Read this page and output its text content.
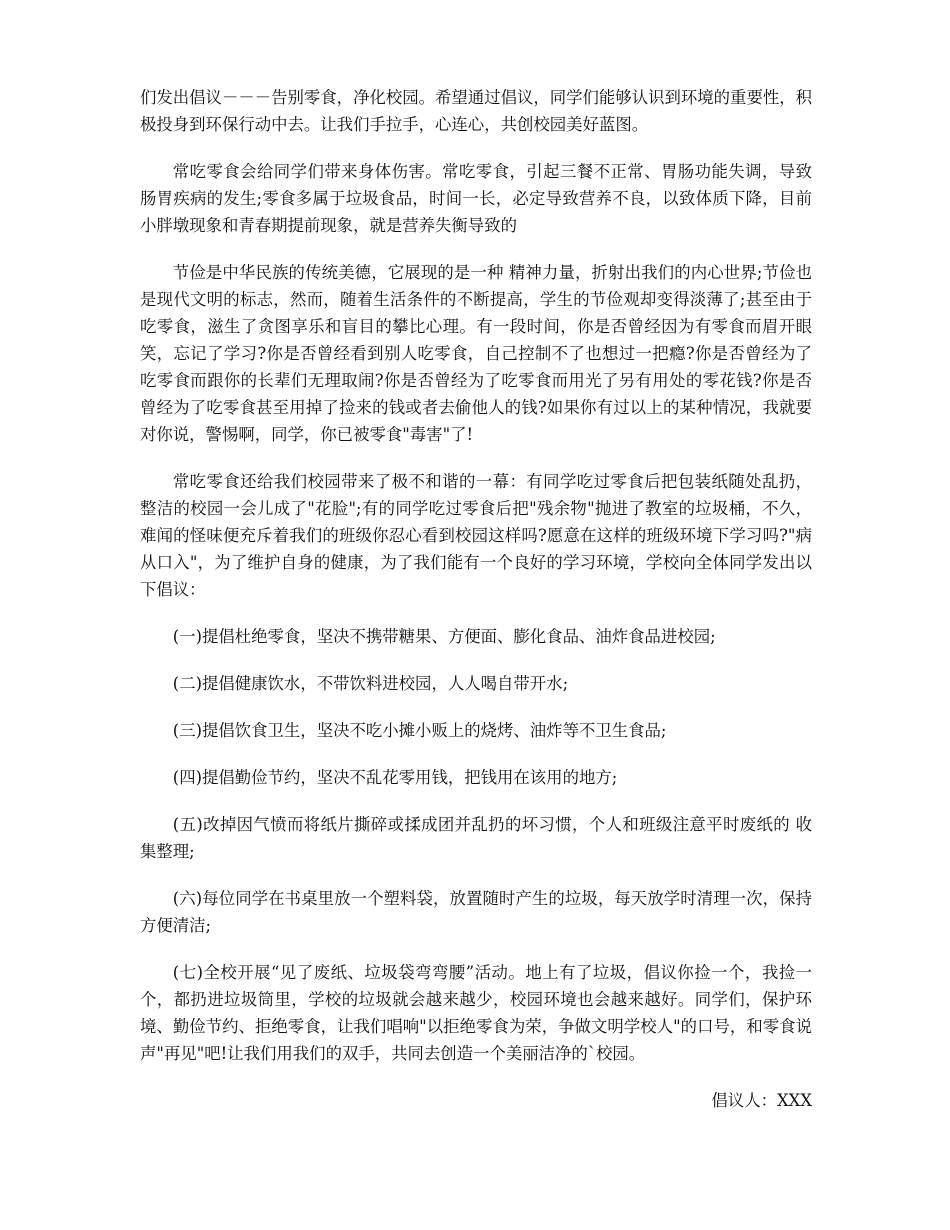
们发出倡议－－－告别零食，净化校园。希望通过倡议，同学们能够认识到环境的重要性，积极投身到环保行动中去。让我们手拉手，心连心，共创校园美好蓝图。

常吃零食会给同学们带来身体伤害。常吃零食，引起三餐不正常、胃肠功能失调，导致肠胃疾病的发生;零食多属于垃圾食品，时间一长，必定导致营养不良，以致体质下降，目前小胖墩现象和青春期提前现象，就是营养失衡导致的

节俭是中华民族的传统美德，它展现的是一种 精神力量，折射出我们的内心世界;节俭也是现代文明的标志，然而，随着生活条件的不断提高，学生的节俭观却变得淡薄了;甚至由于吃零食，滋生了贪图享乐和盲目的攀比心理。有一段时间，你是否曾经因为有零食而眉开眼笑，忘记了学习?你是否曾经看到别人吃零食，自己控制不了也想过一把瘾?你是否曾经为了吃零食而跟你的长辈们无理取闹?你是否曾经为了吃零食而用光了另有用处的零花钱?你是否曾经为了吃零食甚至用掉了捡来的钱或者去偷他人的钱?如果你有过以上的某种情况，我就要对你说，警惕啊，同学，你已被零食"毒害"了!

常吃零食还给我们校园带来了极不和谐的一幕：有同学吃过零食后把包装纸随处乱扔，整洁的校园一会儿成了"花脸";有的同学吃过零食后把"残余物"抛进了教室的垃圾桶，不久，难闻的怪味便充斥着我们的班级你忍心看到校园这样吗?愿意在这样的班级环境下学习吗?"病从口入"，为了维护自身的健康，为了我们能有一个良好的学习环境，学校向全体同学发出以下倡议：

(一)提倡杜绝零食，坚决不携带糖果、方便面、膨化食品、油炸食品进校园;

(二)提倡健康饮水，不带饮料进校园，人人喝自带开水;

(三)提倡饮食卫生，坚决不吃小摊小贩上的烧烤、油炸等不卫生食品;

(四)提倡勤俭节约，坚决不乱花零用钱，把钱用在该用的地方;

(五)改掉因气愤而将纸片撕碎或揉成团并乱扔的坏习惯，个人和班级注意平时废纸的 收集整理;

(六)每位同学在书桌里放一个塑料袋，放置随时产生的垃圾，每天放学时清理一次，保持方便清洁;

(七)全校开展“见了废纸、垃圾袋弯弯腰”活动。地上有了垃圾，倡议你捡一个，我捡一个，都扔进垃圾筒里，学校的垃圾就会越来越少，校园环境也会越来越好。同学们，保护环境、勤俭节约、拒绝零食，让我们唱响"以拒绝零食为荣，争做文明学校人"的口号，和零食说声"再见"吧!让我们用我们的双手，共同去创造一个美丽洁净的`校园。

倡议人：XXX
